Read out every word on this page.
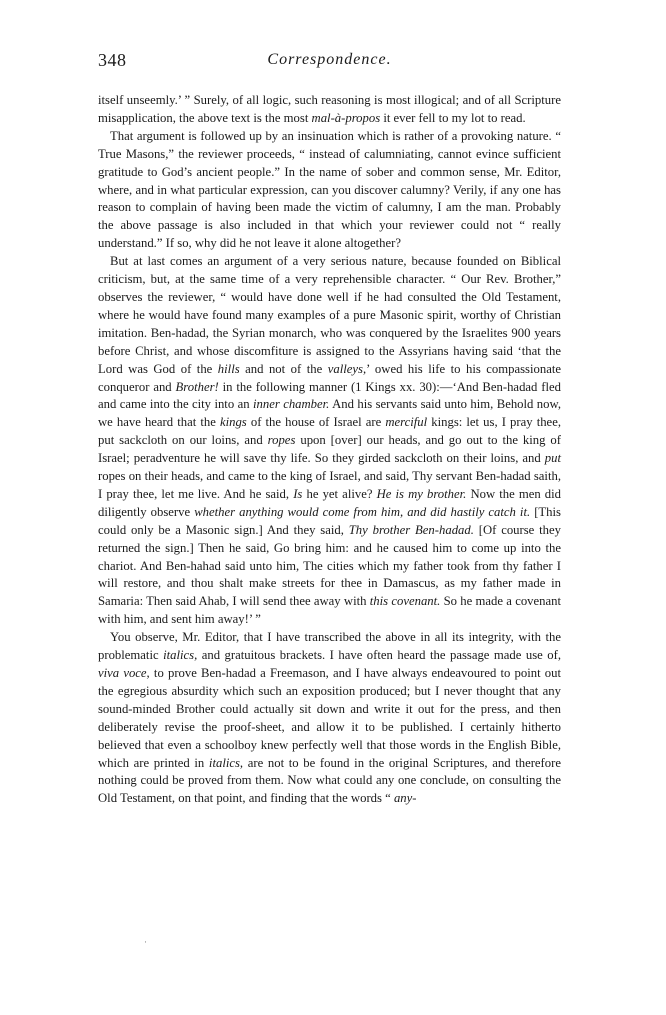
348	Correspondence.

itself unseemly.’ ” Surely, of all logic, such reasoning is most illogical; and of all Scripture misapplication, the above text is the most mal-à-propos it ever fell to my lot to read.

That argument is followed up by an insinuation which is rather of a provoking nature. “ True Masons,” the reviewer proceeds, “ instead of calumniating, cannot evince sufficient gratitude to God’s ancient people.” In the name of sober and common sense, Mr. Editor, where, and in what particular expression, can you discover calumny? Verily, if any one has reason to complain of having been made the victim of calumny, I am the man. Probably the above passage is also included in that which your reviewer could not “ really understand.” If so, why did he not leave it alone altogether?

But at last comes an argument of a very serious nature, because founded on Biblical criticism, but, at the same time of a very reprehensible character. “ Our Rev. Brother,” observes the reviewer, “ would have done well if he had consulted the Old Testament, where he would have found many examples of a pure Masonic spirit, worthy of Christian imitation. Ben-hadad, the Syrian monarch, who was conquered by the Israelites 900 years before Christ, and whose discomfiture is assigned to the Assyrians having said ‘that the Lord was God of the hills and not of the valleys,’ owed his life to his compassionate conqueror and Brother! in the following manner (1 Kings xx. 30):—‘And Ben-hadad fled and came into the city into an inner chamber. And his servants said unto him, Behold now, we have heard that the kings of the house of Israel are merciful kings: let us, I pray thee, put sackcloth on our loins, and ropes upon [over] our heads, and go out to the king of Israel; peradventure he will save thy life. So they girded sackcloth on their loins, and put ropes on their heads, and came to the king of Israel, and said, Thy servant Ben-hadad saith, I pray thee, let me live. And he said, Is he yet alive? He is my brother. Now the men did diligently observe whether anything would come from him, and did hastily catch it. [This could only be a Masonic sign.] And they said, Thy brother Ben-hadad. [Of course they returned the sign.] Then he said, Go bring him: and he caused him to come up into the chariot. And Ben-hahad said unto him, The cities which my father took from thy father I will restore, and thou shalt make streets for thee in Damascus, as my father made in Samaria: Then said Ahab, I will send thee away with this covenant. So he made a covenant with him, and sent him away!’ ”

You observe, Mr. Editor, that I have transcribed the above in all its integrity, with the problematic italics, and gratuitous brackets. I have often heard the passage made use of, viva voce, to prove Ben-hadad a Freemason, and I have always endeavoured to point out the egregious absurdity which such an exposition produced; but I never thought that any sound-minded Brother could actually sit down and write it out for the press, and then deliberately revise the proof-sheet, and allow it to be published. I certainly hitherto believed that even a schoolboy knew perfectly well that those words in the English Bible, which are printed in italics, are not to be found in the original Scriptures, and therefore nothing could be proved from them. Now what could any one conclude, on consulting the Old Testament, on that point, and finding that the words “ any-

·
